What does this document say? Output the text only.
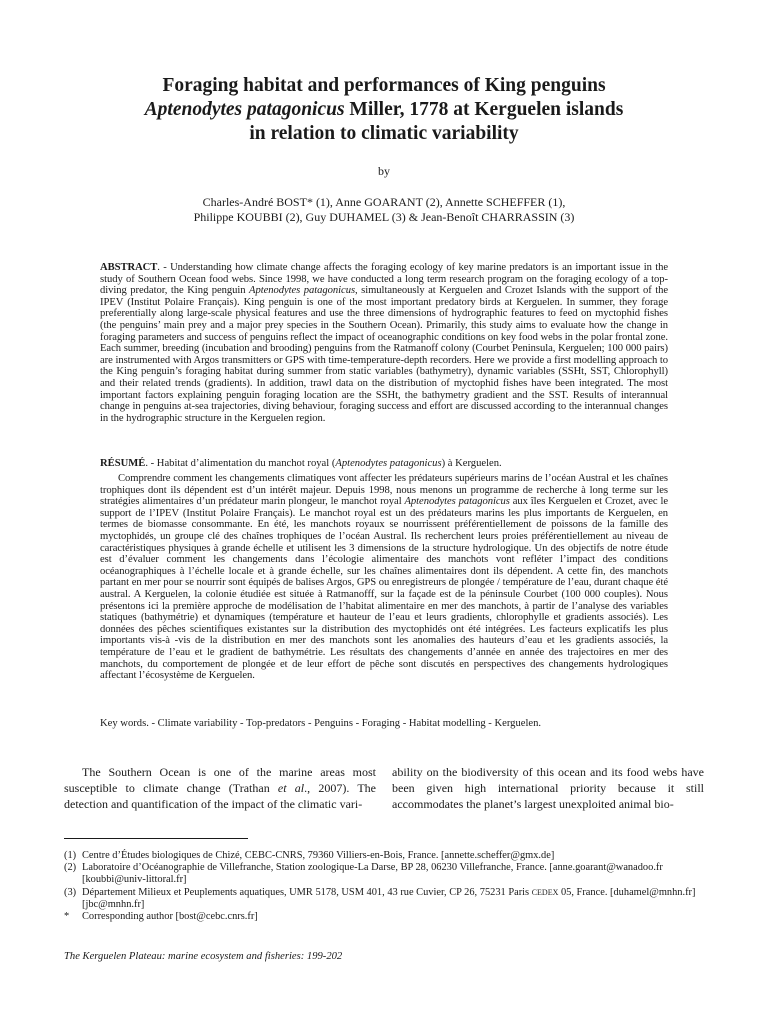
Foraging habitat and performances of King penguins
Aptenodytes patagonicus Miller, 1778 at Kerguelen islands
in relation to climatic variability
by
Charles-André BOST* (1), Anne GOARANT (2), Annette SCHEFFER (1),
Philippe KOUBBI (2), Guy DUHAMEL (3) & Jean-Benoît CHARRASSIN (3)
ABSTRACT. - Understanding how climate change affects the foraging ecology of key marine predators is an important issue in the study of Southern Ocean food webs. Since 1998, we have conducted a long term research program on the foraging ecology of a top-diving predator, the King penguin Aptenodytes patagonicus, simultaneously at Kerguelen and Crozet Islands with the support of the IPEV (Institut Polaire Français). King penguin is one of the most important predatory birds at Kerguelen. In summer, they forage preferentially along large-scale physical features and use the three dimensions of hydrographic features to feed on myctophid fishes (the penguins’ main prey and a major prey species in the Southern Ocean). Primarily, this study aims to evaluate how the change in foraging parameters and success of penguins reflect the impact of oceanographic conditions on key food webs in the polar frontal zone. Each summer, breeding (incubation and brooding) penguins from the Ratmanoff colony (Courbet Peninsula, Kerguelen; 100 000 pairs) are instrumented with Argos transmitters or GPS with time-temperature-depth recorders. Here we provide a first modelling approach to the King penguin’s foraging habitat during summer from static variables (bathymetry), dynamic variables (SSHt, SST, Chlorophyll) and their related trends (gradients). In addition, trawl data on the distribution of myctophid fishes have been integrated. The most important factors explaining penguin foraging location are the SSHt, the bathymetry gradient and the SST. Results of interannual change in penguins at-sea trajectories, diving behaviour, foraging success and effort are discussed according to the interannual changes in the hydrographic structure in the Kerguelen region.
RÉSUMÉ. - Habitat d’alimentation du manchot royal (Aptenodytes patagonicus) à Kerguelen.
Comprendre comment les changements climatiques vont affecter les prédateurs supérieurs marins de l’océan Austral et les chaînes trophiques dont ils dépendent est d’un intérêt majeur. Depuis 1998, nous menons un programme de recherche à long terme sur les stratégies alimentaires d’un prédateur marin plongeur, le manchot royal Aptenodytes patagonicus aux îles Kerguelen et Crozet, avec le support de l’IPEV (Institut Polaire Français). Le manchot royal est un des prédateurs marins les plus importants de Kerguelen, en termes de biomasse consommante. En été, les manchots royaux se nourrissent préférentiellement de poissons de la famille des myctophidés, un groupe clé des chaînes trophiques de l’océan Austral. Ils recherchent leurs proies préférentiellement au niveau de caractéristiques physiques à grande échelle et utilisent les 3 dimensions de la structure hydrologique. Un des objectifs de notre étude est d’évaluer comment les changements dans l’écologie alimentaire des manchots vont refléter l’impact des conditions océanographiques à l’échelle locale et à grande échelle, sur les chaînes alimentaires dont ils dépendent. A cette fin, des manchots partant en mer pour se nourrir sont équipés de balises Argos, GPS ou enregistreurs de plongée / température de l’eau, durant chaque été austral. A Kerguelen, la colonie étudiée est située à Ratmanofff, sur la façade est de la péninsule Courbet (100 000 couples). Nous présentons ici la première approche de modélisation de l’habitat alimentaire en mer des manchots, à partir de l’analyse des variables statiques (bathymétrie) et dynamiques (température et hauteur de l’eau et leurs gradients, chlorophylle et gradients associés). Les données des pêches scientifiques existantes sur la distribution des myctophidés ont été intégrées. Les facteurs explicatifs les plus importants vis-à -vis de la distribution en mer des manchots sont les anomalies des hauteurs d’eau et les gradients associés, la température de l’eau et le gradient de bathymétrie. Les résultats des changements d’année en année des trajectoires en mer des manchots, du comportement de plongée et de leur effort de pêche sont discutés en perspectives des changements hydrologiques affectant l’écosystème de Kerguelen.
Key words. - Climate variability - Top-predators - Penguins - Foraging - Habitat modelling - Kerguelen.
The Southern Ocean is one of the marine areas most susceptible to climate change (Trathan et al., 2007). The detection and quantification of the impact of the climatic vari-
ability on the biodiversity of this ocean and its food webs have been given high international priority because it still accommodates the planet’s largest unexploited animal bio-
(1) Centre d’Études biologiques de Chizé, CEBC-CNRS, 79360 Villiers-en-Bois, France. [annette.scheffer@gmx.de]
(2) Laboratoire d’Océanographie de Villefranche, Station zoologique-La Darse, BP 28, 06230 Villefranche, France. [anne.goarant@wanadoo.fr [koubbi@univ-littoral.fr]
(3) Département Milieux et Peuplements aquatiques, UMR 5178, USM 401, 43 rue Cuvier, CP 26, 75231 Paris CEDEX 05, France. [duhamel@mnhn.fr] [jbc@mnhn.fr]
*	Corresponding author [bost@cebc.cnrs.fr]
The Kerguelen Plateau: marine ecosystem and fisheries: 199-202
